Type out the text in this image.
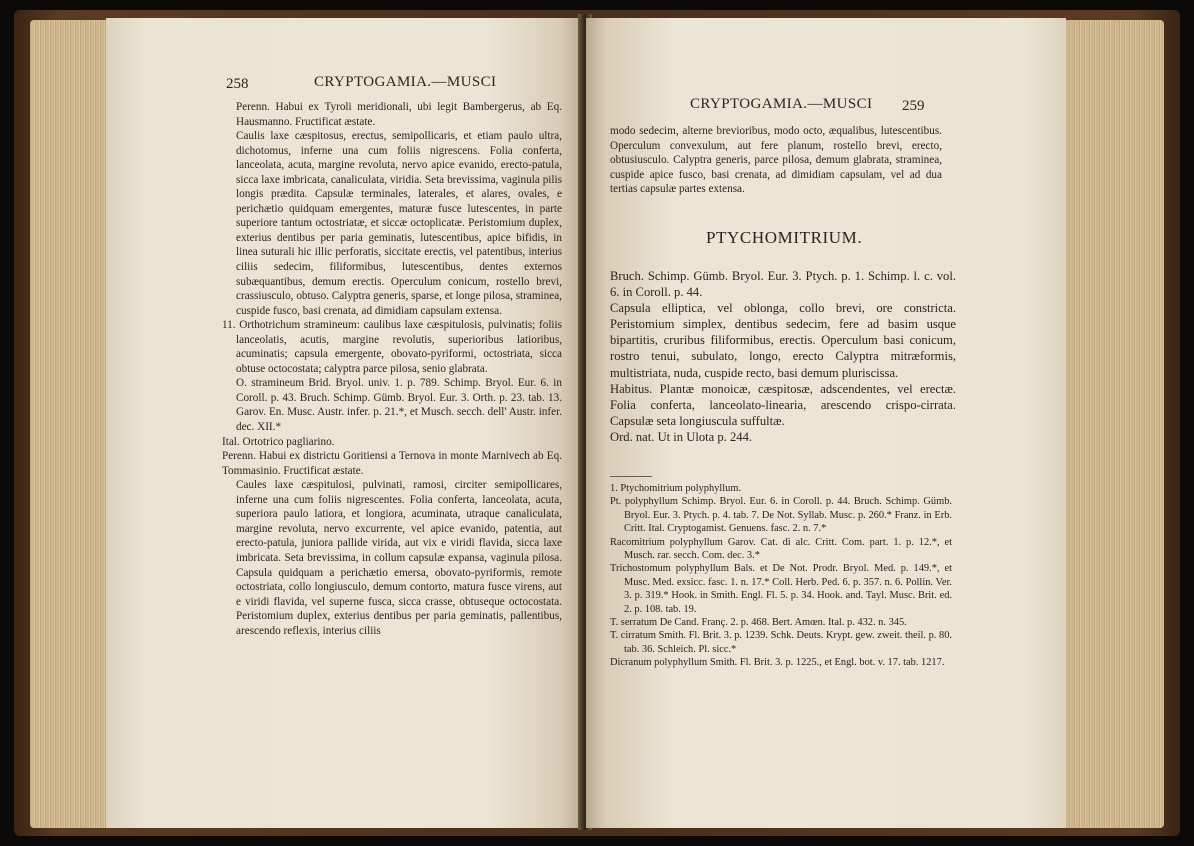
258	CRYPTOGAMIA.—MUSCI

Perenn. Habui ex Tyroli meridionali, ubi legit Bambergerus, ab Eq. Hausmanno. Fructificat æstate.

Caulis laxe cæspitosus, erectus, semipollicaris, et etiam paulo ultra, dichotomus, inferne una cum foliis nigrescens. Folia conferta, lanceolata, acuta, margine revoluta, nervo apice evanido, erecto-patula, sicca laxe imbricata, canaliculata, viridia. Seta brevissima, vaginula pilis longis prædita. Capsulæ terminales, laterales, et alares, ovales, e perichætio quidquam emergentes, maturæ fusce lutescentes, in parte superiore tantum octostriatæ, et siccæ octoplicatæ. Peristomium duplex, exterius dentibus per paria geminatis, lutescentibus, apice bifidis, in linea suturali hic illic perforatis, siccitate erectis, vel patentibus, interius ciliis sedecim, filiformibus, lutescentibus, dentes externos subæquantibus, demum erectis. Operculum conicum, rostello brevi, crassiusculo, obtuso. Calyptra generis, sparse, et longe pilosa, straminea, cuspide fusco, basi crenata, ad dimidiam capsulam extensa.

11. Orthotrichum stramineum: caulibus laxe cæspitulosis, pulvinatis; foliis lanceolatis, acutis, margine revolutis, superioribus latioribus, acuminatis; capsula emergente, obovato-pyriformi, octostriata, sicca obtuse octocostata; calyptra parce pilosa, senio glabrata.

O. stramineum Brid. Bryol. univ. 1. p. 789. Schimp. Bryol. Eur. 6. in Coroll. p. 43. Bruch. Schimp. Gümb. Bryol. Eur. 3. Orth. p. 23. tab. 13. Garov. En. Musc. Austr. infer. p. 21.*, et Musch. secch. dell' Austr. infer. dec. XII.*

Ital. Ortotrico pagliarino.

Perenn. Habui ex districtu Goritiensi a Ternova in monte Marnivech ab Eq. Tommasinio. Fructificat æstate.

Caules laxe cæspitulosi, pulvinati, ramosi, circiter semipollicares, inferne una cum foliis nigrescentes. Folia conferta, lanceolata, acuta, superiora paulo latiora, et longiora, acuminata, utraque canaliculata, margine revoluta, nervo excurrente, vel apice evanido, patentia, aut erecto-patula, juniora pallide virida, aut vix e viridi flavida, sicca laxe imbricata. Seta brevissima, in collum capsulæ expansa, vaginula pilosa. Capsula quidquam a perichætio emersa, obovato-pyriformis, remote octostriata, collo longiusculo, demum contorto, matura fusce virens, aut e viridi flavida, vel superne fusca, sicca crasse, obtuseque octocostata. Peristomium duplex, exterius dentibus per paria geminatis, pallentibus, arescendo reflexis, interius ciliis

CRYPTOGAMIA.—MUSCI 259
modo sedecim, alterne brevioribus, modo octo, æqualibus, lutescentibus. Operculum convexulum, aut fere planum, rostello brevi, erecto, obtusiusculo. Calyptra generis, parce pilosa, demum glabrata, straminea, cuspide apice fusco, basi crenata, ad dimidiam capsulam, vel ad dua tertias capsulæ partes extensa.
PTYCHOMITRIUM.

Bruch. Schimp. Gümb. Bryol. Eur. 3. Ptych. p. 1. Schimp. l. c. vol. 6. in Coroll. p. 44.

Capsula elliptica, vel oblonga, collo brevi, ore constricta. Peristomium simplex, dentibus sedecim, fere ad basim usque bipartitis, cruribus filiformibus, erectis. Operculum basi conicum, rostro tenui, subulato, longo, erecto Calyptra mitræformis, multistriata, nuda, cuspide recto, basi demum pluriscissa.

Habitus. Plantæ monoicæ, cæspitosæ, adscendentes, vel erectæ. Folia conferta, lanceolato-linearia, arescendo crispo-cirrata. Capsulæ seta longiuscula suffultæ.

Ord. nat. Ut in Ulota p. 244.

1. Ptychomitrium polyphyllum.

Pt. polyphyllum Schimp. Bryol. Eur. 6. in Coroll. p. 44. Bruch. Schimp. Gümb. Bryol. Eur. 3. Ptych. p. 4. tab. 7. De Not. Syllab. Musc. p. 260.* Franz. in Erb. Critt. Ital. Cryptogamist. Genuens. fasc. 2. n. 7.*

Racomitrium polyphyllum Garov. Cat. di alc. Critt. Com. part. 1. p. 12.*, et Musch. rar. secch. Com. dec. 3.*

Trichostomum polyphyllum Bals. et De Not. Prodr. Bryol. Med. p. 149.*, et Musc. Med. exsicc. fasc. 1. n. 17.* Coll. Herb. Ped. 6. p. 357. n. 6. Pollin. Ver. 3. p. 319.* Hook. in Smith. Engl. Fl. 5. p. 34. Hook. and. Tayl. Musc. Brit. ed. 2. p. 108. tab. 19.

T. serratum De Cand. Franç. 2. p. 468. Bert. Amœn. Ital. p. 432. n. 345.

T. cirratum Smith. Fl. Brit. 3. p. 1239. Schk. Deuts. Krypt. gew. zweit. theil. p. 80. tab. 36. Schleich. Pl. sicc.*

Dicranum polyphyllum Smith. Fl. Brit. 3. p. 1225., et Engl. bot. v. 17. tab. 1217.
